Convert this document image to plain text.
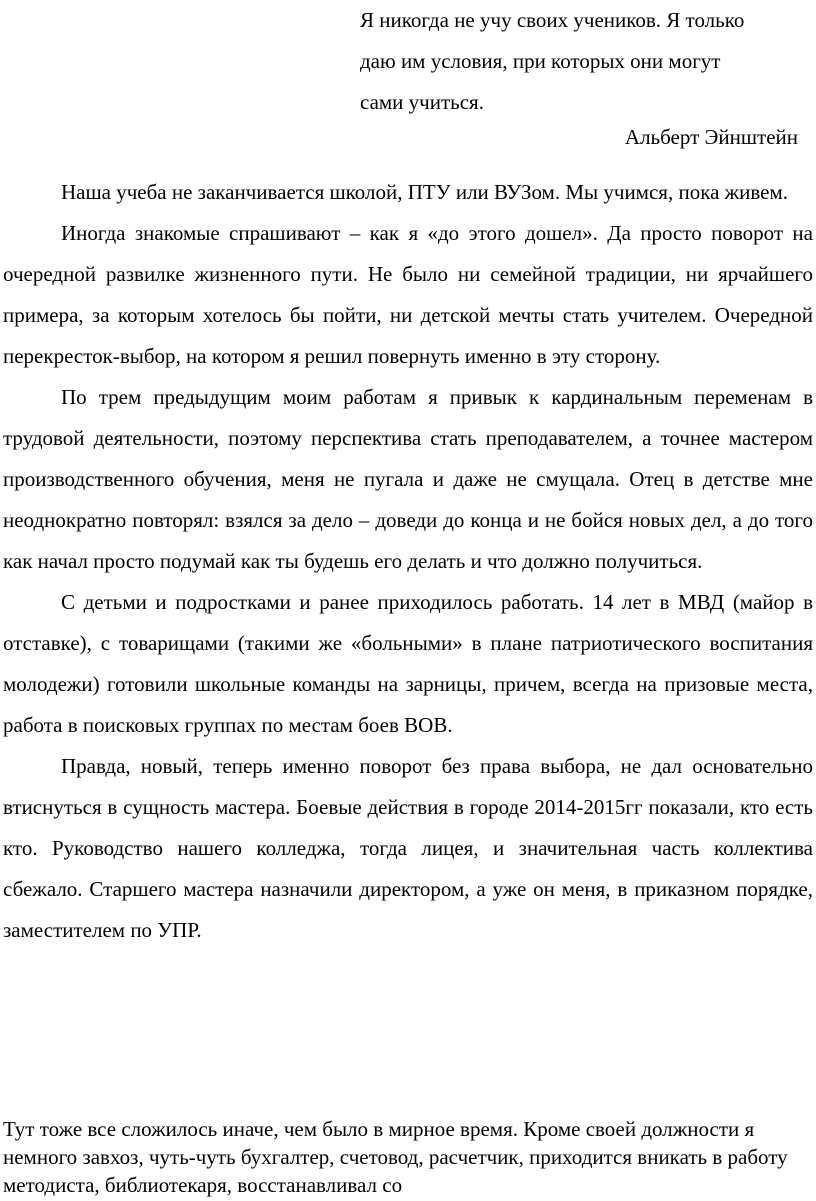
Я никогда не учу своих учеников. Я только
даю им условия, при которых они могут
сами учиться.
Альберт Эйнштейн

Наша учеба не заканчивается школой, ПТУ или ВУЗом. Мы учимся, пока живем.

Иногда знакомые спрашивают – как я «до этого дошел». Да просто поворот на очередной развилке жизненного пути. Не было ни семейной традиции, ни ярчайшего примера, за которым хотелось бы пойти, ни детской мечты стать учителем. Очередной перекресток-выбор, на котором я решил повернуть именно в эту сторону.

По трем предыдущим моим работам я привык к кардинальным переменам в трудовой деятельности, поэтому перспектива стать преподавателем, а точнее мастером производственного обучения, меня не пугала и даже не смущала. Отец в детстве мне неоднократно повторял: взялся за дело – доведи до конца и не бойся новых дел, а до того как начал просто подумай как ты будешь его делать и что должно получиться.

С детьми и подростками и ранее приходилось работать. 14 лет в МВД (майор в отставке), с товарищами (такими же «больными» в плане патриотического воспитания молодежи) готовили школьные команды на зарницы, причем, всегда на призовые места, работа в поисковых группах по местам боев ВОВ.

Правда, новый, теперь именно поворот без права выбора, не дал основательно втиснуться в сущность мастера. Боевые действия в городе 2014-2015гг показали, кто есть кто. Руководство нашего колледжа, тогда лицея, и значительная часть коллектива сбежало. Старшего мастера назначили директором, а уже он меня, в приказном порядке, заместителем по УПР.

Тут тоже все сложилось иначе, чем было в мирное время. Кроме своей должности я немного завхоз, чуть-чуть бухгалтер, счетовод, расчетчик, приходится вникать в работу методиста, библиотекаря, восстанавливал со
